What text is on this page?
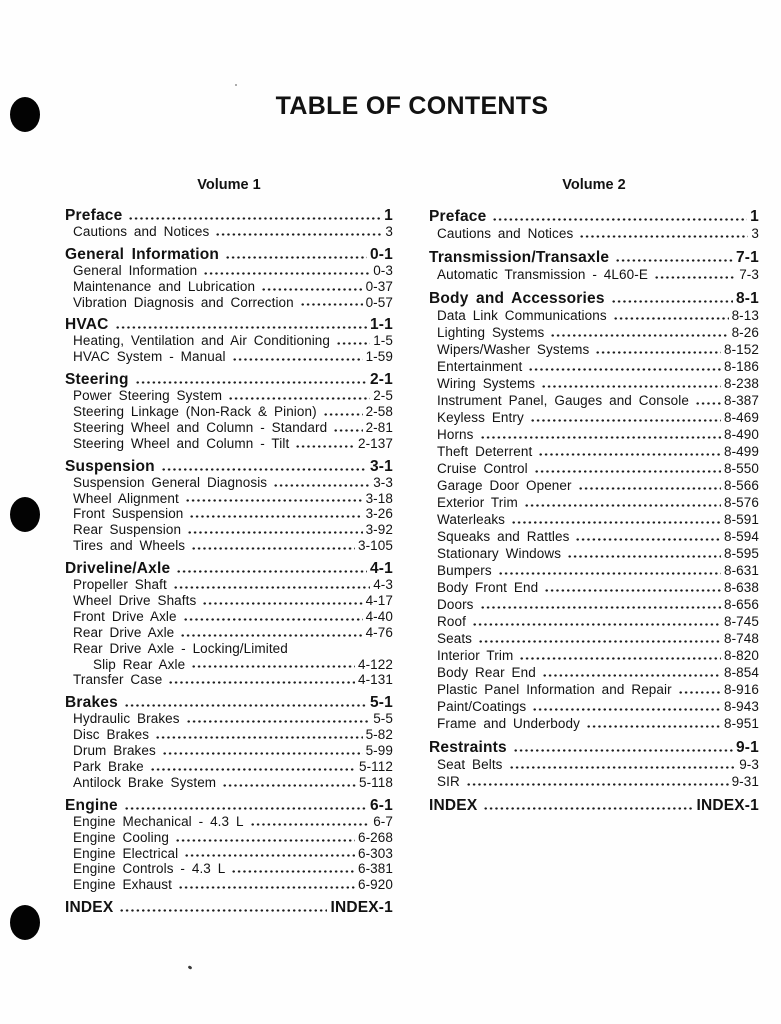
TABLE OF CONTENTS
Volume 1
Preface	1
Cautions and Notices	3
General Information	0-1
General Information	0-3
Maintenance and Lubrication	0-37
Vibration Diagnosis and Correction	0-57
HVAC	1-1
Heating, Ventilation and Air Conditioning	1-5
HVAC System - Manual	1-59
Steering	2-1
Power Steering System	2-5
Steering Linkage (Non-Rack & Pinion)	2-58
Steering Wheel and Column - Standard	2-81
Steering Wheel and Column - Tilt	2-137
Suspension	3-1
Suspension General Diagnosis	3-3
Wheel Alignment	3-18
Front Suspension	3-26
Rear Suspension	3-92
Tires and Wheels	3-105
Driveline/Axle	4-1
Propeller Shaft	4-3
Wheel Drive Shafts	4-17
Front Drive Axle	4-40
Rear Drive Axle	4-76
Rear Drive Axle - Locking/Limited
Slip Rear Axle	4-122
Transfer Case	4-131
Brakes	5-1
Hydraulic Brakes	5-5
Disc Brakes	5-82
Drum Brakes	5-99
Park Brake	5-112
Antilock Brake System	5-118
Engine	6-1
Engine Mechanical - 4.3 L	6-7
Engine Cooling	6-268
Engine Electrical	6-303
Engine Controls - 4.3 L	6-381
Engine Exhaust	6-920
INDEX	INDEX-1
Volume 2
Preface	1
Cautions and Notices	3
Transmission/Transaxle	7-1
Automatic Transmission - 4L60-E	7-3
Body and Accessories	8-1
Data Link Communications	8-13
Lighting Systems	8-26
Wipers/Washer Systems	8-152
Entertainment	8-186
Wiring Systems	8-238
Instrument Panel, Gauges and Console	8-387
Keyless Entry	8-469
Horns	8-490
Theft Deterrent	8-499
Cruise Control	8-550
Garage Door Opener	8-566
Exterior Trim	8-576
Waterleaks	8-591
Squeaks and Rattles	8-594
Stationary Windows	8-595
Bumpers	8-631
Body Front End	8-638
Doors	8-656
Roof	8-745
Seats	8-748
Interior Trim	8-820
Body Rear End	8-854
Plastic Panel Information and Repair	8-916
Paint/Coatings	8-943
Frame and Underbody	8-951
Restraints	9-1
Seat Belts	9-3
SIR	9-31
INDEX	INDEX-1
